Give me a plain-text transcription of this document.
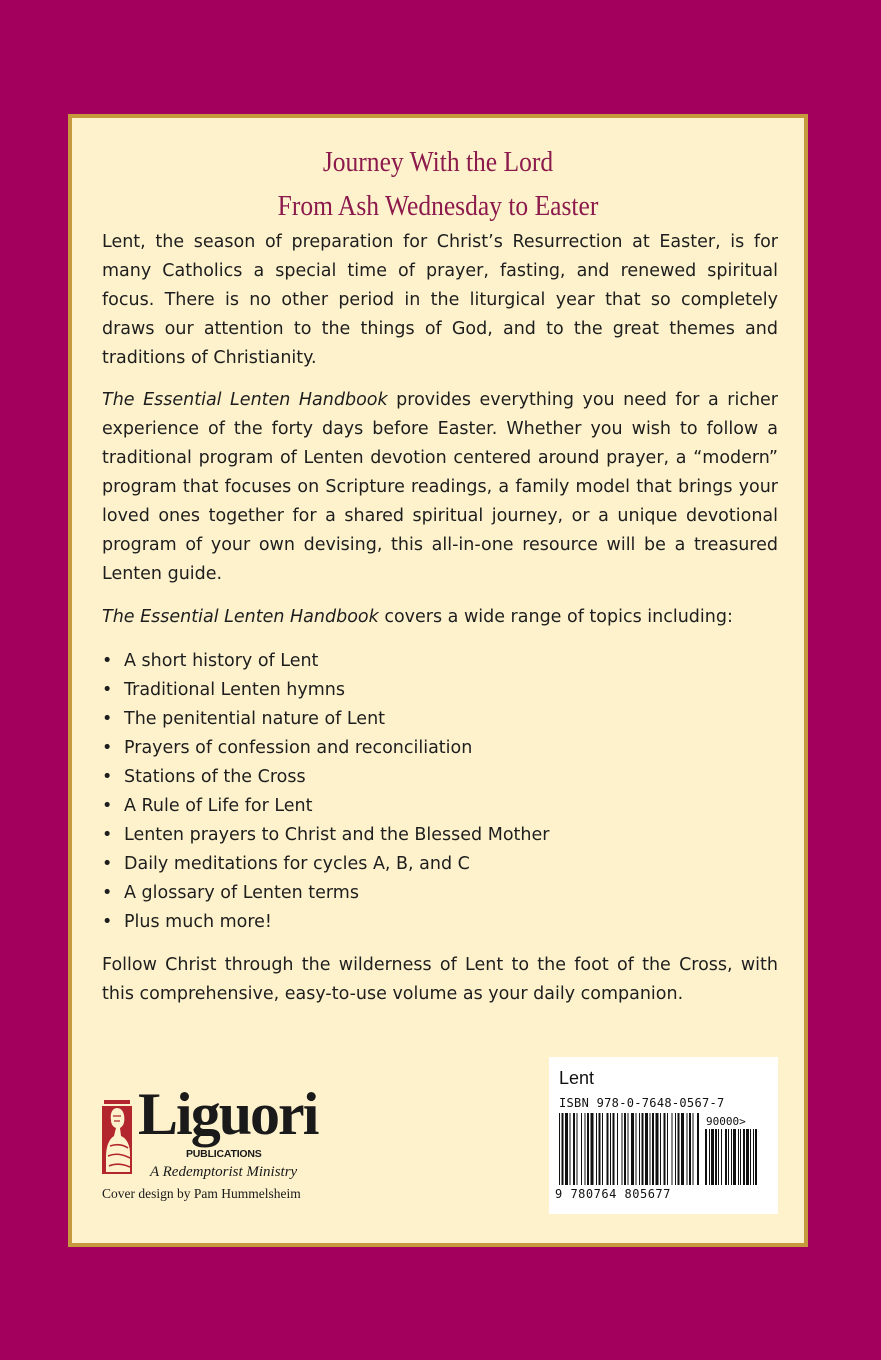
Journey With the Lord
From Ash Wednesday to Easter

Lent, the season of preparation for Christ’s Resurrection at Easter, is for many Catholics a special time of prayer, fasting, and renewed spiritual focus. There is no other period in the liturgical year that so completely draws our attention to the things of God, and to the great themes and traditions of Christianity.

The Essential Lenten Handbook provides everything you need for a richer experience of the forty days before Easter. Whether you wish to follow a traditional program of Lenten devotion centered around prayer, a “modern” program that focuses on Scripture readings, a family model that brings your loved ones together for a shared spiritual journey, or a unique devotional program of your own devising, this all-in-one resource will be a treasured Lenten guide.

The Essential Lenten Handbook covers a wide range of topics including:

• A short history of Lent
• Traditional Lenten hymns
• The penitential nature of Lent
• Prayers of confession and reconciliation
• Stations of the Cross
• A Rule of Life for Lent
• Lenten prayers to Christ and the Blessed Mother
• Daily meditations for cycles A, B, and C
• A glossary of Lenten terms
• Plus much more!

Follow Christ through the wilderness of Lent to the foot of the Cross, with this comprehensive, easy-to-use volume as your daily companion.

Liguori
PUBLICATIONS
A Redemptorist Ministry
Cover design by Pam Hummelsheim
Lent
ISBN 978-0-7648-0567-7
90000>
9 780764 805677
